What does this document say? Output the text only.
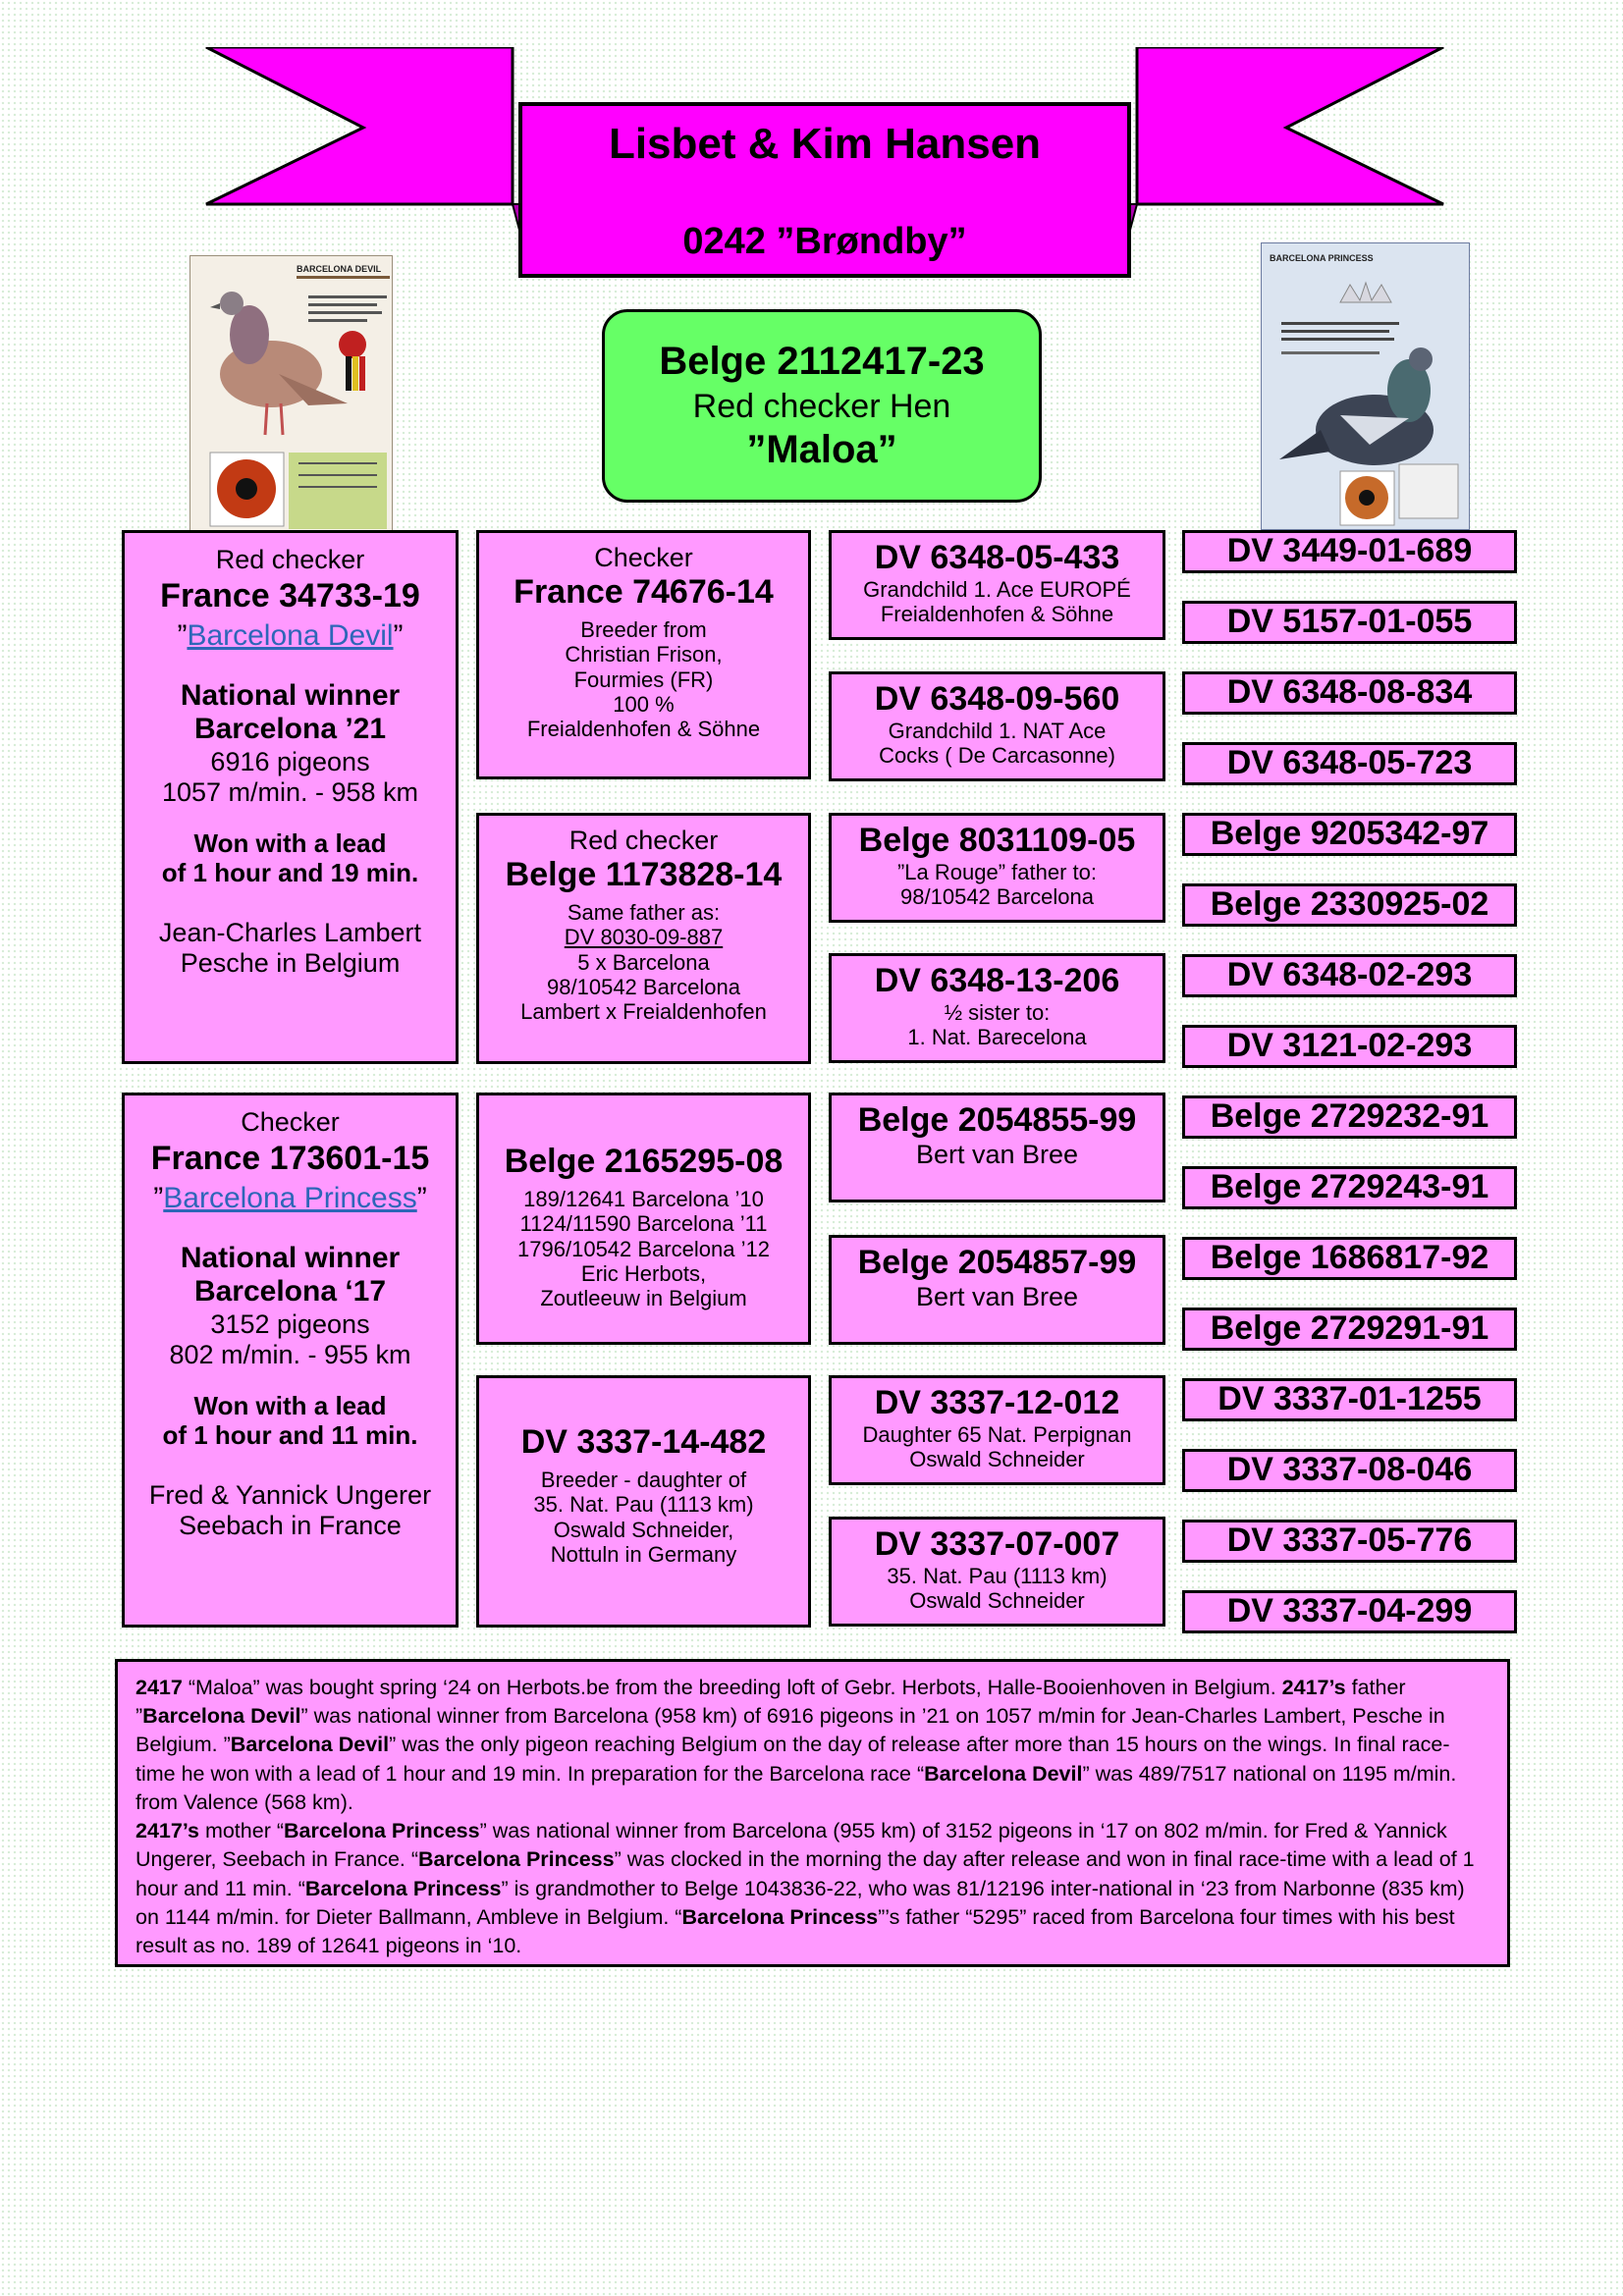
Lisbet & Kim Hansen
0242 ”Brøndby”
BARCELONA DEVIL
BARCELONA PRINCESS
Belge 2112417-23
Red checker Hen
”Maloa”
Red checker
France 34733-19
”Barcelona Devil”
National winner
Barcelona ’21
6916 pigeons
1057 m/min. - 958 km
Won with a lead
of 1 hour and 19 min.
Jean-Charles Lambert
Pesche in Belgium
Checker
France 173601-15
”Barcelona Princess”
National winner
Barcelona ‘17
3152 pigeons
802 m/min. - 955 km
Won with a lead
of 1 hour and 11 min.
Fred & Yannick Ungerer
Seebach in France
Checker
France 74676-14
Breeder from
Christian Frison,
Fourmies (FR)
100 %
Freialdenhofen & Söhne
Red checker
Belge 1173828-14
Same father as:
DV 8030-09-887
5 x Barcelona
98/10542 Barcelona
Lambert x Freialdenhofen
Belge 2165295-08
189/12641 Barcelona ’10
1124/11590 Barcelona ’11
1796/10542 Barcelona ’12
Eric Herbots,
Zoutleeuw in Belgium
DV 3337-14-482
Breeder - daughter of
35. Nat. Pau (1113 km)
Oswald Schneider,
Nottuln in Germany
DV 6348-05-433
Grandchild 1. Ace EUROPÉ
Freialdenhofen & Söhne
DV 6348-09-560
Grandchild 1. NAT Ace
Cocks ( De Carcasonne)
Belge 8031109-05
”La Rouge” father to:
98/10542 Barcelona
DV 6348-13-206
½ sister to:
1. Nat. Barecelona
Belge 2054855-99
Bert van Bree
Belge 2054857-99
Bert van Bree
DV 3337-12-012
Daughter 65 Nat. Perpignan
Oswald Schneider
DV 3337-07-007
35. Nat. Pau (1113 km)
Oswald Schneider
DV 3449-01-689
DV 5157-01-055
DV 6348-08-834
DV 6348-05-723
Belge 9205342-97
Belge 2330925-02
DV 6348-02-293
DV 3121-02-293
Belge 2729232-91
Belge 2729243-91
Belge 1686817-92
Belge 2729291-91
DV 3337-01-1255
DV 3337-08-046
DV 3337-05-776
DV 3337-04-299
2417 “Maloa” was bought spring ‘24 on Herbots.be from the breeding loft of Gebr. Herbots, Halle-Booienhoven in Belgium. 2417’s father ”Barcelona Devil” was national winner from Barcelona (958 km) of 6916 pigeons in ’21 on 1057 m/min for Jean-Charles Lambert, Pesche in Belgium. ”Barcelona Devil” was the only pigeon reaching Belgium on the day of release after more than 15 hours on the wings. In final race-time he won with a lead of 1 hour and 19 min. In preparation for the Barcelona race “Barcelona Devil” was 489/7517 national on 1195 m/min. from Valence (568 km).
2417’s mother “Barcelona Princess” was national winner from Barcelona (955 km) of 3152 pigeons in ‘17 on 802 m/min. for Fred & Yannick Ungerer, Seebach in France. “Barcelona Princess” was clocked in the morning the day after release and won in final race-time with a lead of 1 hour and 11 min. “Barcelona Princess” is grandmother to Belge 1043836-22, who was 81/12196 inter-national in ‘23 from Narbonne (835 km) on 1144 m/min. for Dieter Ballmann, Ambleve in Belgium. “Barcelona Princess”’s father “5295” raced from Barcelona four times with his best result as no. 189 of 12641 pigeons in ‘10.
